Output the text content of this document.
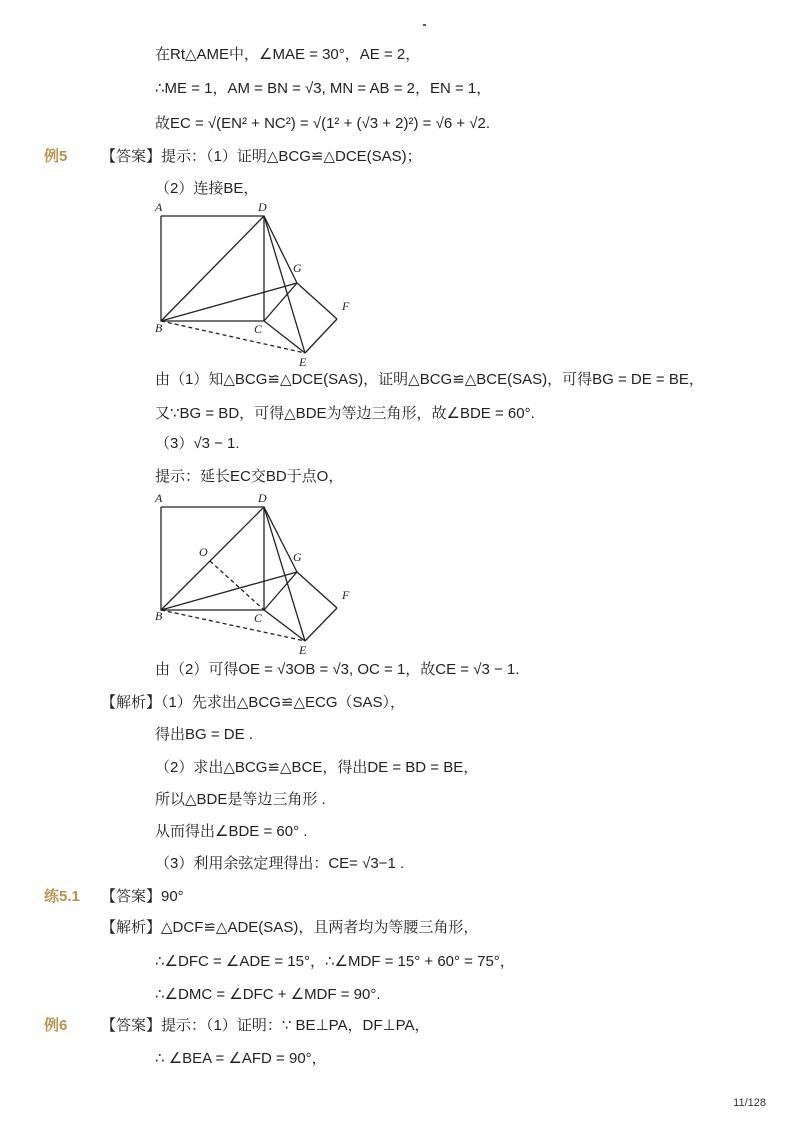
在Rt△AME中，∠MAE = 30°，AE = 2，
∴ME = 1，AM = BN = √3, MN = AB = 2，EN = 1，
故EC = √(EN² + NC²) = √(1² + (√3 + 2)²) = √6 + √2.
例5 【答案】提示：（1）证明△BCG≌△DCE(SAS)；
（2）连接BE，
A	D
G
F
B	C
E
由（1）知△BCG≌△DCE(SAS)，证明△BCG≌△BCE(SAS)，可得BG = DE = BE，
又∵BG = BD，可得△BDE为等边三角形，故∠BDE = 60°.
（3）√3 − 1.
提示：延长EC交BD于点O，
A	D
O	G
F
B	C
E
由（2）可得OE = √3OB = √3, OC = 1，故CE = √3 − 1.
【解析】（1）先求出△BCG≌△ECG（SAS），
得出BG = DE .
（2）求出△BCG≌△BCE，得出DE = BD = BE，
所以△BDE是等边三角形 .
从而得出∠BDE = 60° .
（3）利用余弦定理得出：CE= √3−1 .
练5.1 【答案】90°
【解析】△DCF≌△ADE(SAS)，且两者均为等腰三角形，
∴∠DFC = ∠ADE = 15°，∴∠MDF = 15° + 60° = 75°，
∴∠DMC = ∠DFC + ∠MDF = 90°.
例6 【答案】提示：（1）证明：∵ BE⊥PA，DF⊥PA，
∴ ∠BEA = ∠AFD = 90°，
11/128
